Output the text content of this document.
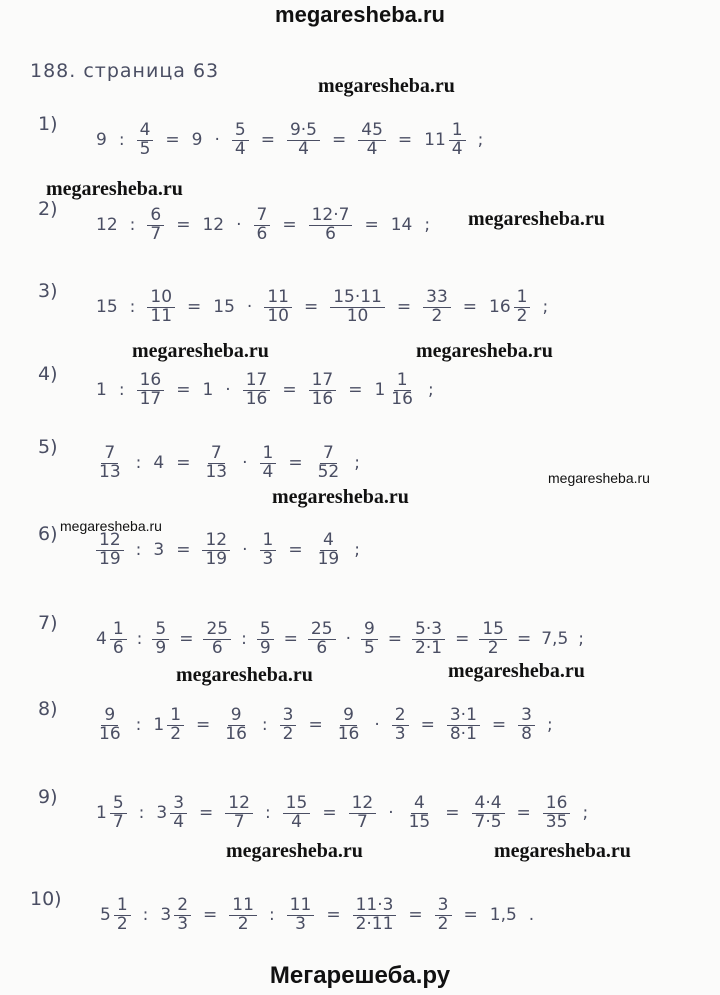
megaresheba.ru
188. страница 63
megaresheba.ru
megaresheba.ru
megaresheba.ru
megaresheba.ru	megaresheba.ru
megaresheba.ru
megaresheba.ru
megaresheba.ru
megaresheba.ru	megaresheba.ru
megaresheba.ru	megaresheba.ru
1)
9 : $\frac{4}{5} = 9 \cdot \frac{5}{4} = \frac{9\cdot 5}{4} = \frac{45}{4} = 11 \frac{1}{4}$ ;
2)
12 : $\frac{6}{7} = 12 \cdot \frac{7}{6} = \frac{12\cdot 7}{6} = 14$ ;
3)
15 : $\frac{10}{11} = 15 \cdot \frac{11}{10} = \frac{15\cdot 11}{10} = \frac{33}{2} = 16 \frac{1}{2}$ ;
4)
1 : $\frac{16}{17} = 1 \cdot \frac{17}{16} = \frac{17}{16} = 1 \frac{1}{16}$ ;
$5) \frac{7}{13}$ : $4 = \frac{7}{13} \cdot \frac{1}{4} = \frac{7}{52}$ ;
$6) \frac{12}{19}$ : $3 = \frac{12}{19} \cdot \frac{1}{3} = \frac{4}{19}$ ;
7)
$4 \frac{1}{6}$ : $\frac{5}{9} = \frac{25}{6}$ : $\frac{5}{9} = \frac{25}{6} \cdot \frac{9}{5} = \frac{5\cdot 3}{2\cdot 1} = \frac{15}{2} = 7,5$ ;
$8) \frac{9}{16}$ : $1 \frac{1}{2} = \frac{9}{16}$ : $\frac{3}{2} = \frac{9}{16} \cdot \frac{2}{3} = \frac{3\cdot 1}{8\cdot 1} = \frac{3}{8}$ ;
9)
$1 \frac{5}{7}$ : $3 \frac{3}{4} = \frac{12}{7}$ : $\frac{15}{4} = \frac{12}{7} \cdot \frac{4}{15} = \frac{4\cdot 4}{7\cdot 5} = \frac{16}{35}$ ;
10)
$5 \frac{1}{2}$ : $3 \frac{2}{3} = \frac{11}{2}$ : $\frac{11}{3} = \frac{11\cdot 3}{2\cdot 11} = \frac{3}{2} = 1,5$ .
Мегарешеба.ру
